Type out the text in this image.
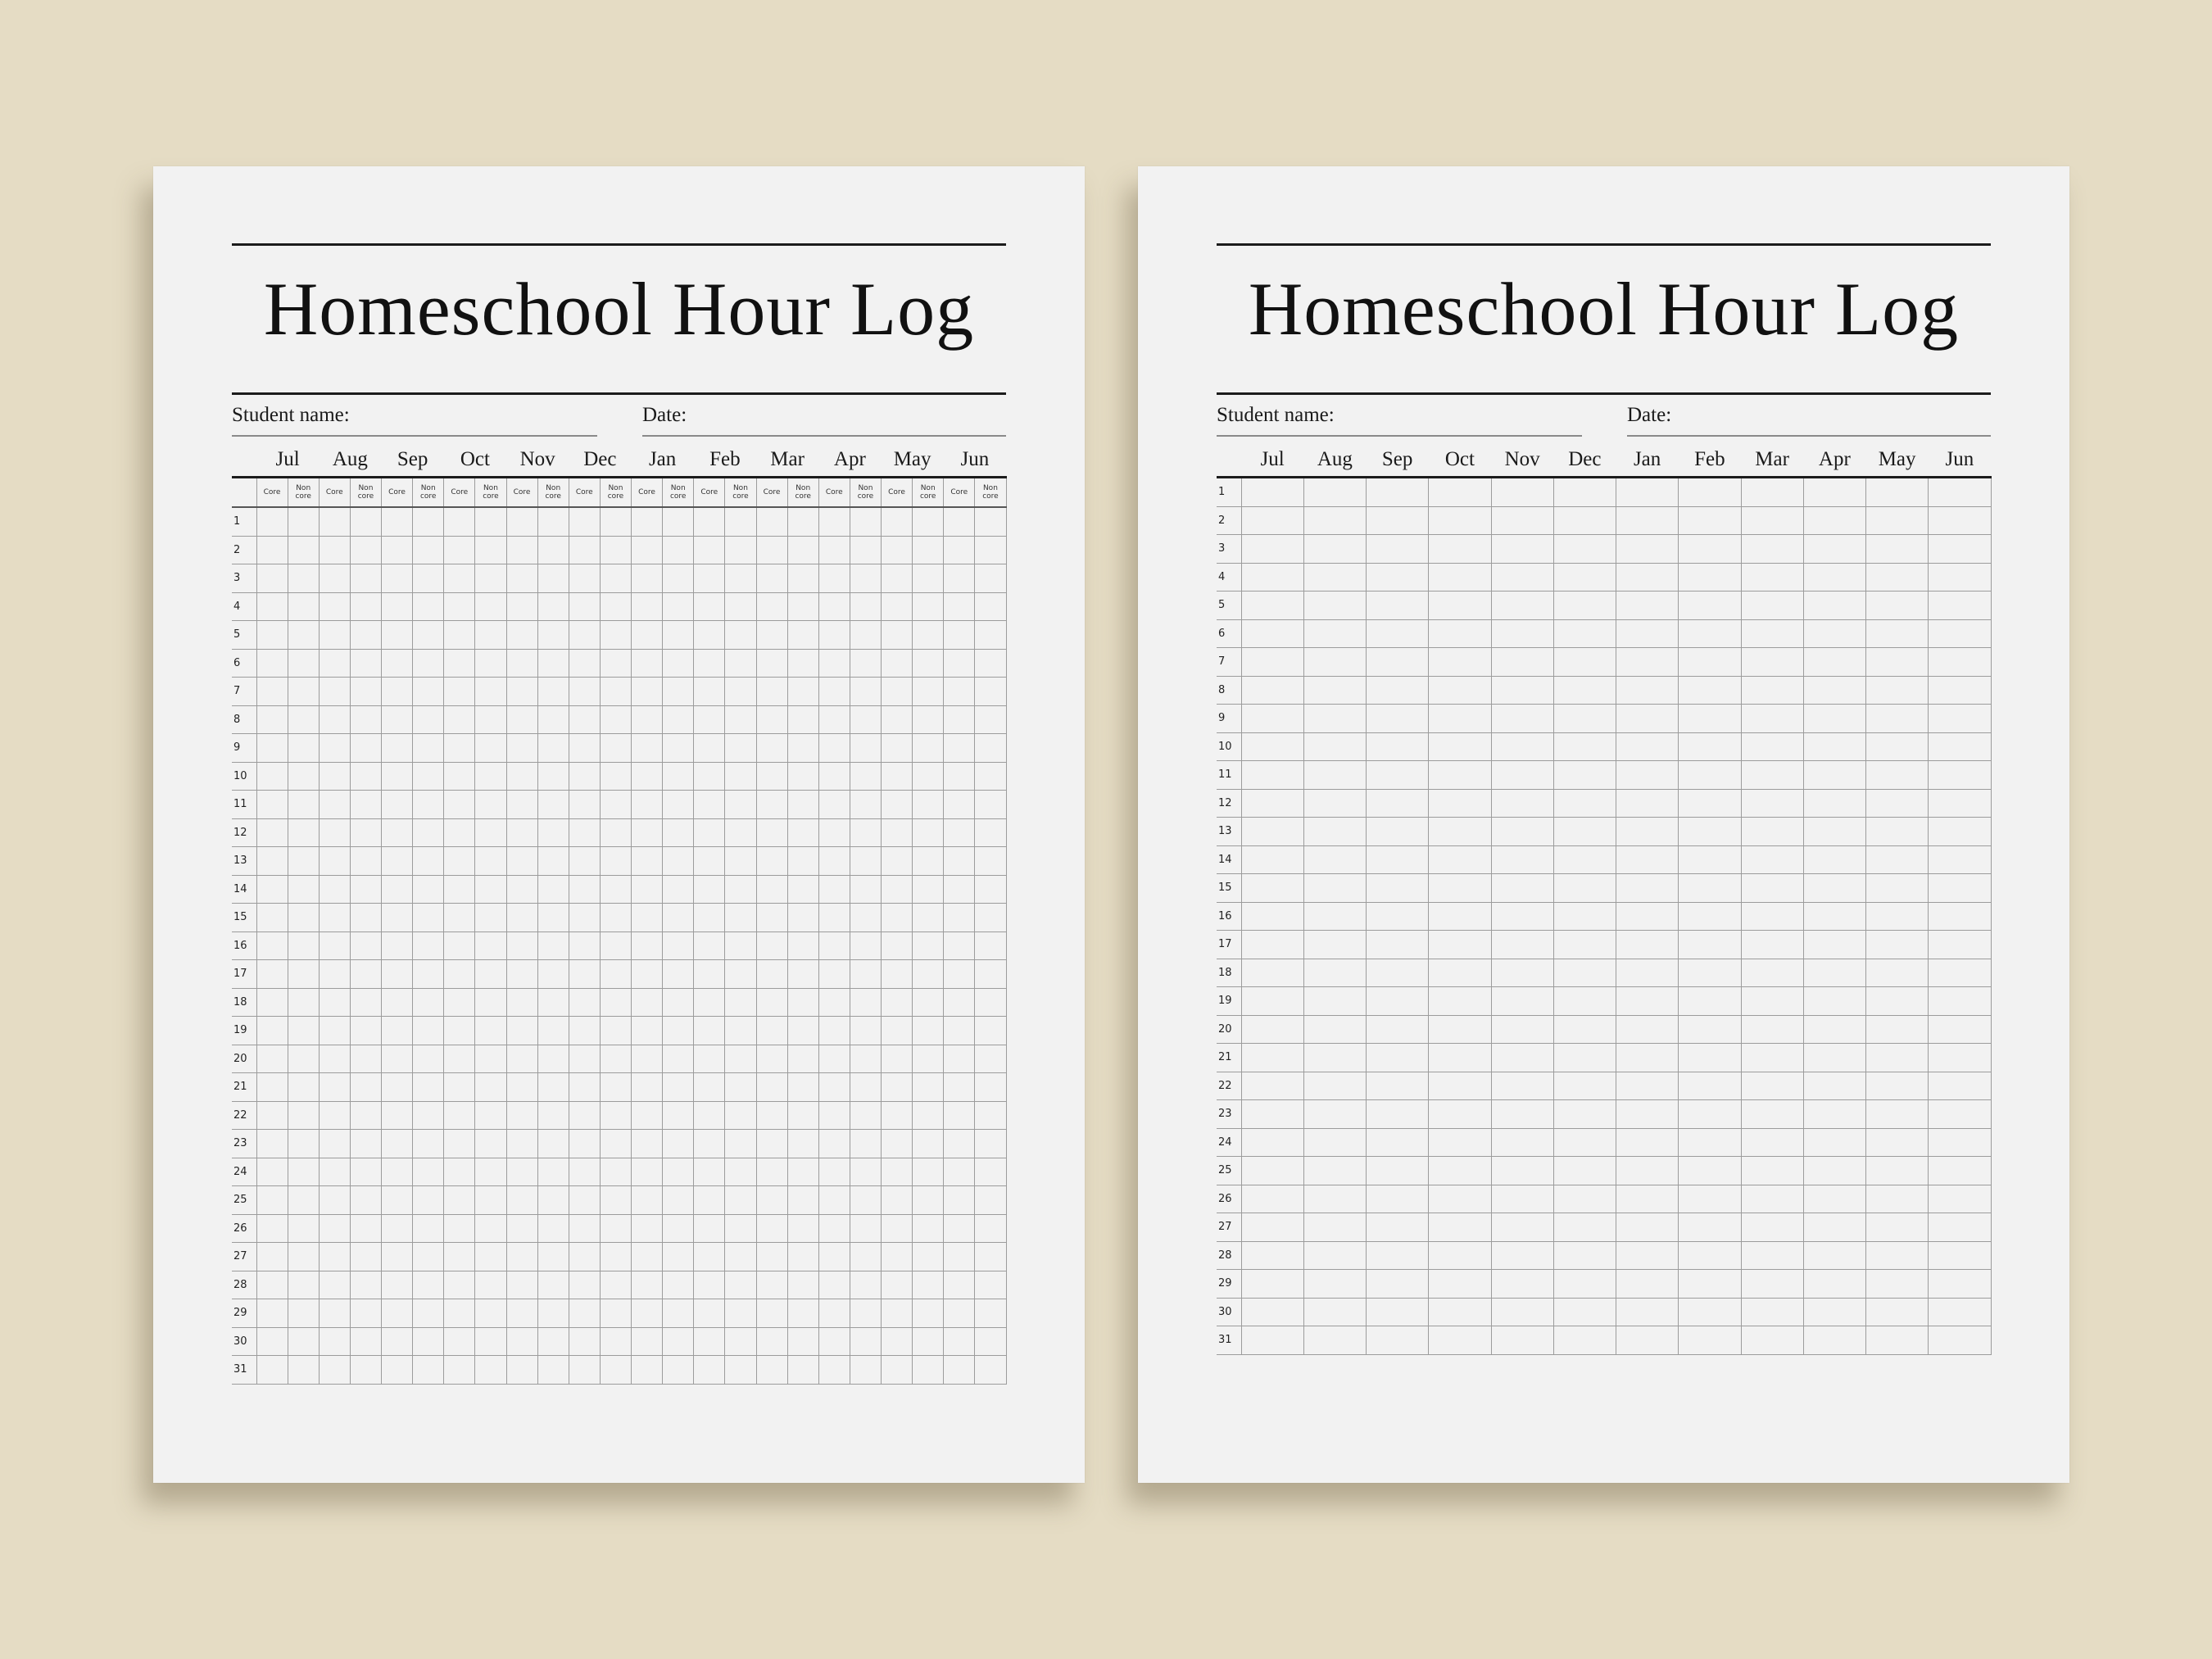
Homeschool Hour Log
Student name:	Date:
Jul	Aug	Sep	Oct	Nov	Dec	Jan	Feb	Mar	Apr	May	Jun
	Core	Non core	Core	Non core	Core	Non core	Core	Non core	Core	Non core	Core	Non core	Core	Non core	Core	Non core	Core	Non core	Core	Non core	Core	Non core	Core	Non core
1																								
2																								
3																								
4																								
5																								
6																								
7																								
8																								
9																								
10																								
11																								
12																								
13																								
14																								
15																								
16																								
17																								
18																								
19																								
20																								
21																								
22																								
23																								
24																								
25																								
26																								
27																								
28																								
29																								
30																								
31																								
Homeschool Hour Log
Student name:	Date:
Jul	Aug	Sep	Oct	Nov	Dec	Jan	Feb	Mar	Apr	May	Jun
1												
2												
3												
4												
5												
6												
7												
8												
9												
10												
11												
12												
13												
14												
15												
16												
17												
18												
19												
20												
21												
22												
23												
24												
25												
26												
27												
28												
29												
30												
31												
